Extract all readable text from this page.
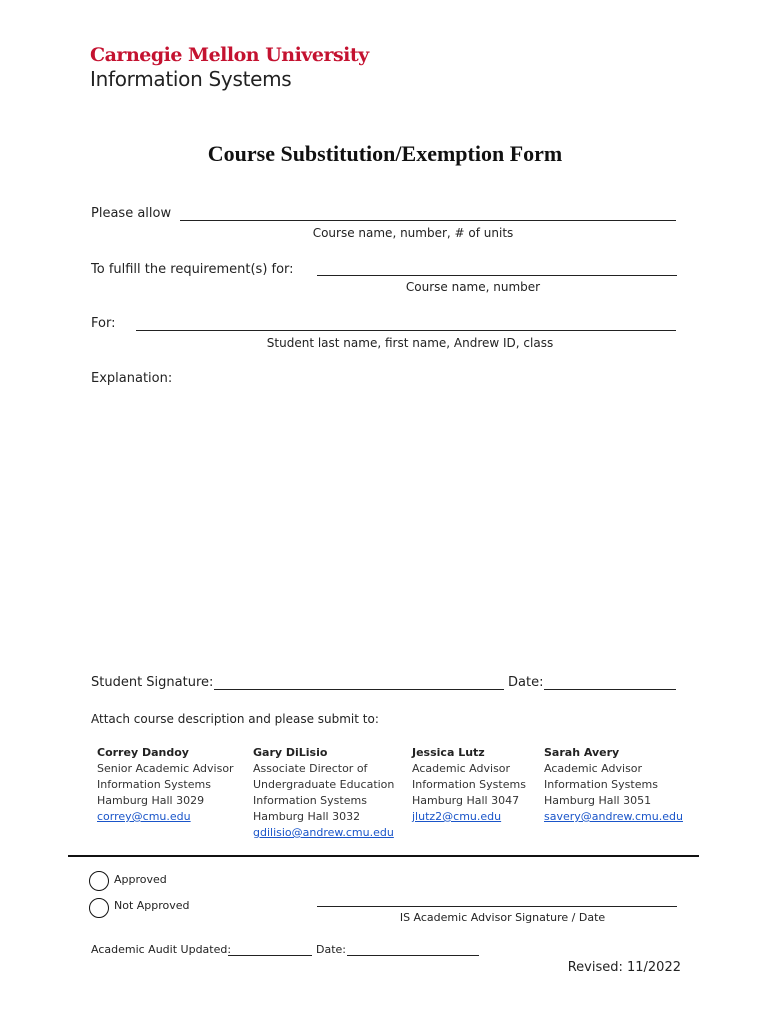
Carnegie Mellon University
Information Systems
Course Substitution/Exemption Form
Please allow
Course name, number, # of units
To fulfill the requirement(s) for:
Course name, number
For:
Student last name, first name, Andrew ID, class
Explanation:
Student Signature:	Date:
Attach course description and please submit to:
Correy Dandoy
Senior Academic Advisor
Information Systems
Hamburg Hall 3029
correy@cmu.edu
Gary DiLisio
Associate Director of
Undergraduate Education
Information Systems
Hamburg Hall 3032
gdilisio@andrew.cmu.edu
Jessica Lutz
Academic Advisor
Information Systems
Hamburg Hall 3047
jlutz2@cmu.edu
Sarah Avery
Academic Advisor
Information Systems
Hamburg Hall 3051
savery@andrew.cmu.edu
Approved
Not Approved
IS Academic Advisor Signature / Date
Academic Audit Updated:	Date:
Revised: 11/2022
